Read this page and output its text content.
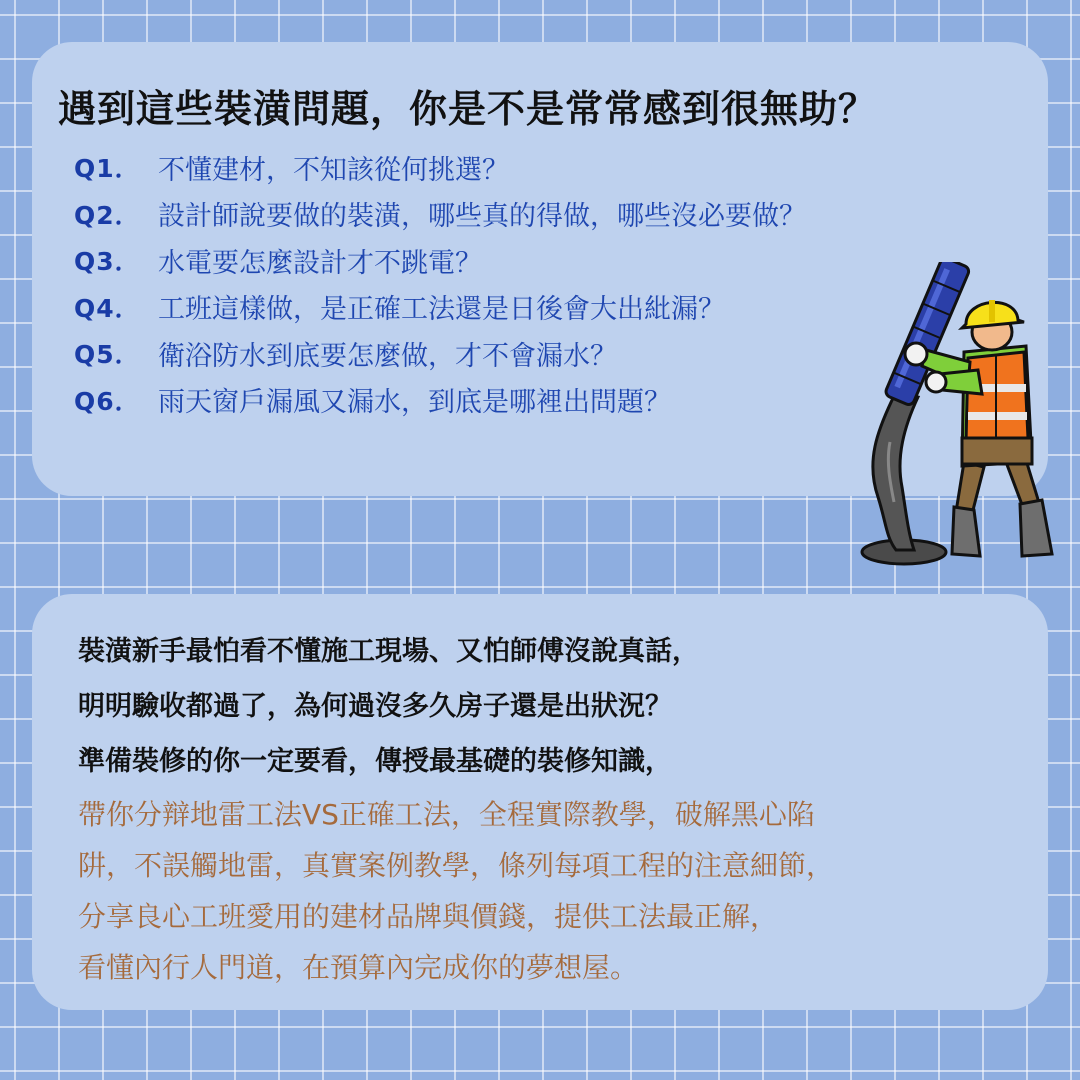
遇到這些裝潢問題，你是不是常常感到很無助？
Q1． 不懂建材，不知該從何挑選？
Q2． 設計師說要做的裝潢，哪些真的得做，哪些沒必要做？
Q3． 水電要怎麼設計才不跳電？
Q4． 工班這樣做，是正確工法還是日後會大出紕漏？
Q5． 衛浴防水到底要怎麼做，才不會漏水？
Q6． 雨天窗戶漏風又漏水，到底是哪裡出問題？
裝潢新手最怕看不懂施工現場、又怕師傅沒說真話，
明明驗收都過了，為何過沒多久房子還是出狀況？
準備裝修的你一定要看，傳授最基礎的裝修知識，
帶你分辩地雷工法VS正確工法，全程實際教學，破解黑心陷
阱，不誤觸地雷，真實案例教學，條列每項工程的注意細節，
分享良心工班愛用的建材品牌與價錢，提供工法最正解，
看懂內行人門道，在預算內完成你的夢想屋。
